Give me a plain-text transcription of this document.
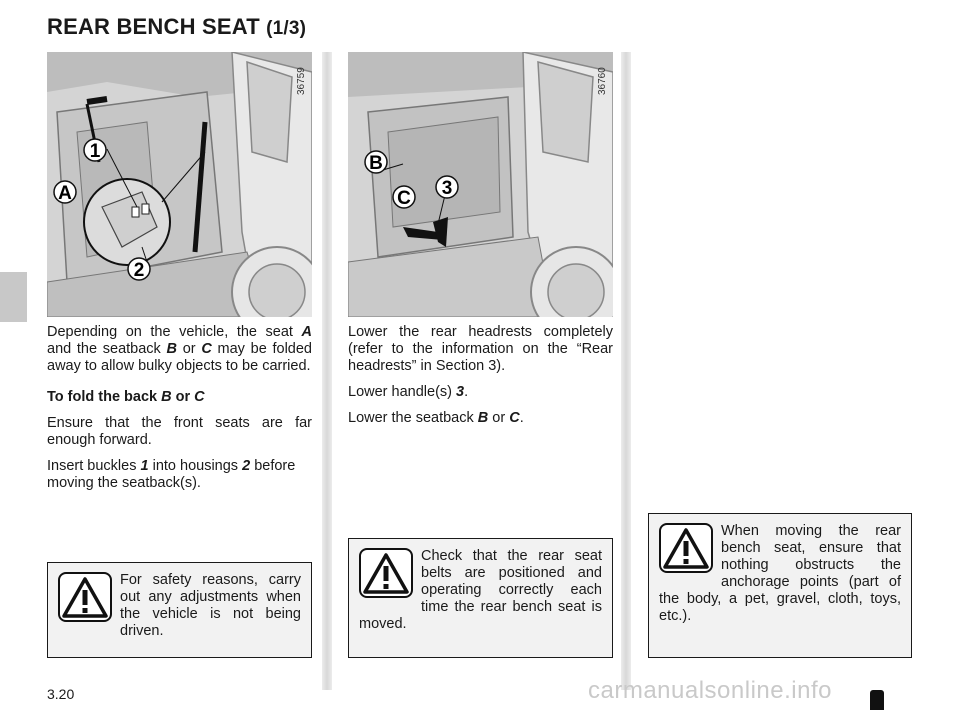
REAR BENCH SEAT (1/3)
1
A
2
36759
B
C 3
36760

Depending on the vehicle, the seat A and the seatback B or C may be folded away to allow bulky objects to be carried.

To fold the back B or C

Ensure that the front seats are far enough forward.

Insert buckles 1 into housings 2 before moving the seatback(s).

Lower the rear headrests completely (refer to the information on the “Rear headrests” in Section 3).

Lower handle(s) 3.

Lower the seatback B or C.

For safety reasons, carry out any adjustments when the vehicle is not being driven.
Check that the rear seat belts are positioned and operating correctly each time the rear bench seat is moved.
When moving the rear bench seat, ensure that nothing obstructs the anchorage points (part of the body, a pet, gravel, cloth, toys, etc.).
3.20	carmanualsonline.info
